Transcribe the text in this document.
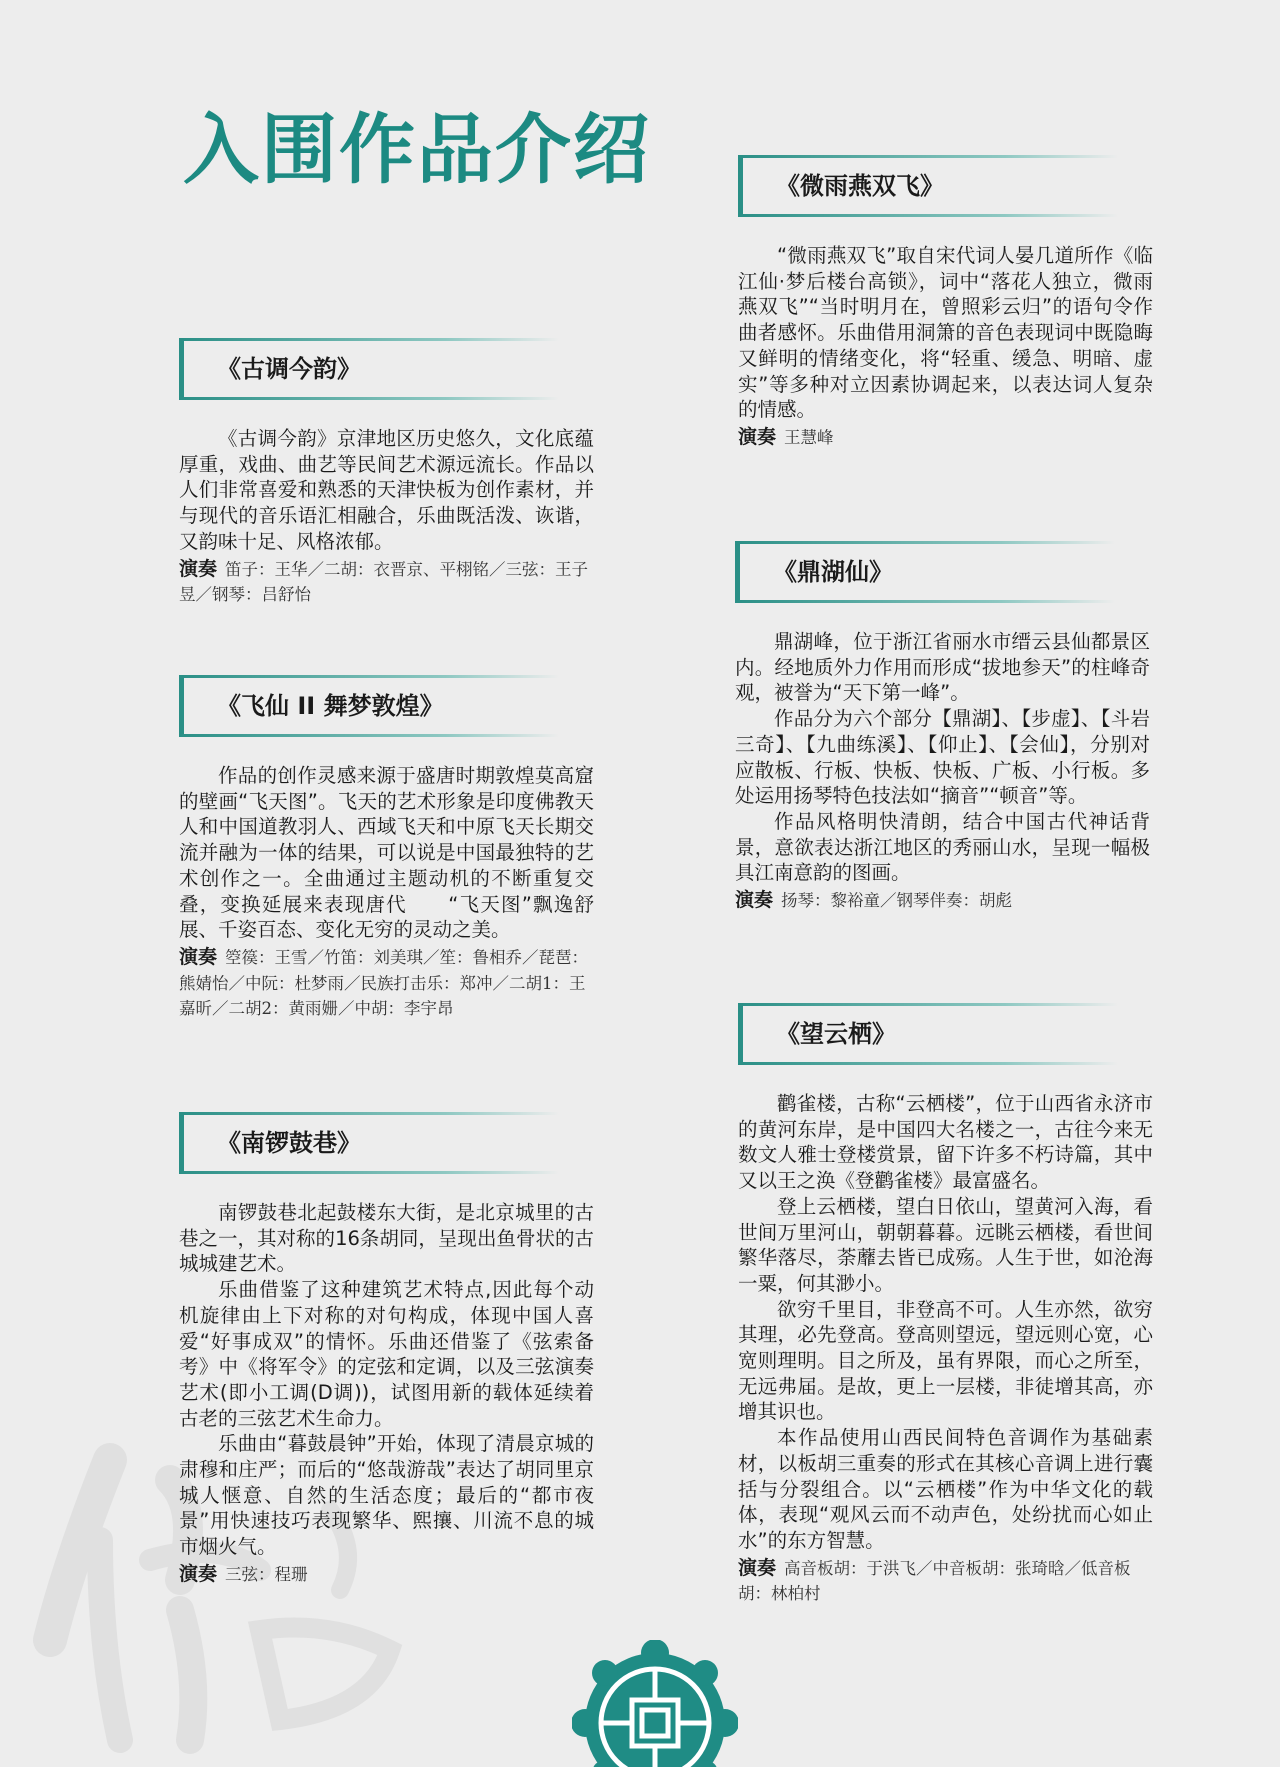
入围作品介绍
《古调今韵》

《古调今韵》京津地区历史悠久，文化底蕴厚重，戏曲、曲艺等民间艺术源远流长。作品以人们非常喜爱和熟悉的天津快板为创作素材，并与现代的音乐语汇相融合，乐曲既活泼、诙谐，又韵味十足、风格浓郁。

演奏 笛子：王华／二胡：衣晋京、平栩铭／三弦：王子昱／钢琴：吕舒怡
《飞仙 II 舞梦敦煌》

作品的创作灵感来源于盛唐时期敦煌莫高窟的壁画“飞天图”。飞天的艺术形象是印度佛教天人和中国道教羽人、西域飞天和中原飞天长期交流并融为一体的结果，可以说是中国最独特的艺术创作之一。全曲通过主题动机的不断重复交叠，变换延展来表现唐代　　“飞天图”飘逸舒展、千姿百态、变化无穷的灵动之美。

演奏 箜篌：王雪／竹笛：刘美琪／笙：鲁相乔／琵琶：熊婧怡／中阮：杜梦雨／民族打击乐：郑冲／二胡1：王嘉昕／二胡2：黄雨姗／中胡：李宇昂
《南锣鼓巷》

南锣鼓巷北起鼓楼东大街，是北京城里的古巷之一，其对称的16条胡同，呈现出鱼骨状的古城城建艺术。

乐曲借鉴了这种建筑艺术特点,因此每个动机旋律由上下对称的对句构成，体现中国人喜爱“好事成双”的情怀。乐曲还借鉴了《弦索备考》中《将军令》的定弦和定调，以及三弦演奏艺术(即小工调(D调))，试图用新的载体延续着古老的三弦艺术生命力。

乐曲由“暮鼓晨钟”开始，体现了清晨京城的肃穆和庄严；而后的“悠哉游哉”表达了胡同里京城人惬意、自然的生活态度；最后的“都市夜景”用快速技巧表现繁华、熙攘、川流不息的城市烟火气。

演奏 三弦：程珊
《微雨燕双飞》

“微雨燕双飞”取自宋代词人晏几道所作《临江仙·梦后楼台高锁》，词中“落花人独立，微雨燕双飞”“当时明月在，曾照彩云归”的语句令作曲者感怀。乐曲借用洞箫的音色表现词中既隐晦又鲜明的情绪变化，将“轻重、缓急、明暗、虚实”等多种对立因素协调起来，以表达词人复杂的情感。

演奏 王慧峰
《鼎湖仙》

鼎湖峰，位于浙江省丽水市缙云县仙都景区内。经地质外力作用而形成“拔地参天”的柱峰奇观，被誉为“天下第一峰”。

作品分为六个部分【鼎湖】、【步虚】、【斗岩三奇】、【九曲练溪】、【仰止】、【会仙】，分别对应散板、行板、快板、快板、广板、小行板。多处运用扬琴特色技法如“摘音”“顿音”等。

作品风格明快清朗，结合中国古代神话背景，意欲表达浙江地区的秀丽山水，呈现一幅极具江南意韵的图画。

演奏 扬琴：黎裕童／钢琴伴奏：胡彪
《望云栖》

鹳雀楼，古称“云栖楼”，位于山西省永济市的黄河东岸，是中国四大名楼之一，古往今来无数文人雅士登楼赏景，留下许多不朽诗篇，其中又以王之涣《登鹳雀楼》最富盛名。

登上云栖楼，望白日依山，望黄河入海，看世间万里河山，朝朝暮暮。远眺云栖楼，看世间繁华落尽，荼蘼去皆已成殇。人生于世，如沧海一粟，何其渺小。

欲穷千里目，非登高不可。人生亦然，欲穷其理，必先登高。登高则望远，望远则心宽，心宽则理明。目之所及，虽有界限，而心之所至，无远弗届。是故，更上一层楼，非徒增其高，亦增其识也。

本作品使用山西民间特色音调作为基础素材，以板胡三重奏的形式在其核心音调上进行囊括与分裂组合。以“云栖楼”作为中华文化的载体，表现“观风云而不动声色，处纷扰而心如止水”的东方智慧。

演奏 高音板胡：于洪飞／中音板胡：张琦晗／低音板胡：林柏村
